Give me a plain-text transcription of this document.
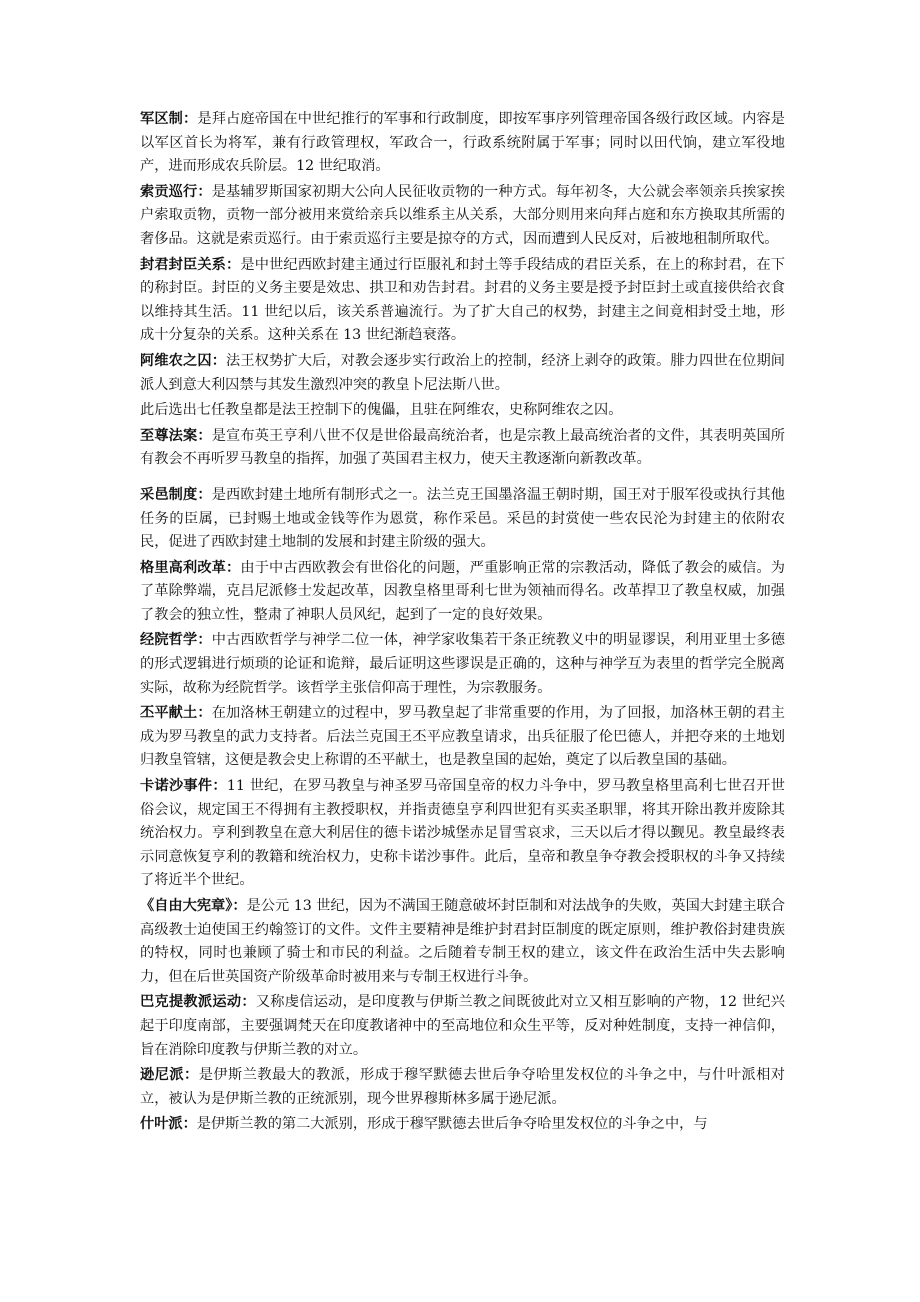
军区制：是拜占庭帝国在中世纪推行的军事和行政制度，即按军事序列管理帝国各级行政区域。内容是以军区首长为将军，兼有行政管理权，军政合一，行政系统附属于军事；同时以田代饷，建立军役地产，进而形成农兵阶层。12 世纪取消。

索贡巡行：是基辅罗斯国家初期大公向人民征收贡物的一种方式。每年初冬，大公就会率领亲兵挨家挨户索取贡物，贡物一部分被用来赏给亲兵以维系主从关系，大部分则用来向拜占庭和东方换取其所需的奢侈品。这就是索贡巡行。由于索贡巡行主要是掠夺的方式，因而遭到人民反对，后被地租制所取代。

封君封臣关系：是中世纪西欧封建主通过行臣服礼和封土等手段结成的君臣关系，在上的称封君，在下的称封臣。封臣的义务主要是效忠、拱卫和劝告封君。封君的义务主要是授予封臣封土或直接供给衣食以维持其生活。11 世纪以后，该关系普遍流行。为了扩大自己的权势，封建主之间竟相封受土地，形成十分复杂的关系。这种关系在 13 世纪渐趋衰落。

阿维农之囚：法王权势扩大后，对教会逐步实行政治上的控制，经济上剥夺的政策。腓力四世在位期间派人到意大利囚禁与其发生激烈冲突的教皇卜尼法斯八世。

此后选出七任教皇都是法王控制下的傀儡，且驻在阿维农，史称阿维农之囚。

至尊法案：是宣布英王亨利八世不仅是世俗最高统治者，也是宗教上最高统治者的文件，其表明英国所有教会不再听罗马教皇的指挥，加强了英国君主权力，使天主教逐渐向新教改革。

采邑制度：是西欧封建土地所有制形式之一。法兰克王国墨洛温王朝时期，国王对于服军役或执行其他任务的臣属，已封赐土地或金钱等作为恩赏，称作采邑。采邑的封赏使一些农民沦为封建主的依附农民，促进了西欧封建土地制的发展和封建主阶级的强大。

格里高利改革：由于中古西欧教会有世俗化的问题，严重影响正常的宗教活动，降低了教会的威信。为了革除弊端，克吕尼派修士发起改革，因教皇格里哥利七世为领袖而得名。改革捍卫了教皇权威，加强了教会的独立性，整肃了神职人员风纪，起到了一定的良好效果。

经院哲学：中古西欧哲学与神学二位一体，神学家收集若干条正统教义中的明显谬误，利用亚里士多德的形式逻辑进行烦琐的论证和诡辩，最后证明这些谬误是正确的，这种与神学互为表里的哲学完全脱离实际，故称为经院哲学。该哲学主张信仰高于理性，为宗教服务。

丕平献土：在加洛林王朝建立的过程中，罗马教皇起了非常重要的作用，为了回报，加洛林王朝的君主成为罗马教皇的武力支持者。后法兰克国王丕平应教皇请求，出兵征服了伦巴德人，并把夺来的土地划归教皇管辖，这便是教会史上称谓的丕平献土，也是教皇国的起始，奠定了以后教皇国的基础。

卡诺沙事件：11 世纪，在罗马教皇与神圣罗马帝国皇帝的权力斗争中，罗马教皇格里高利七世召开世俗会议，规定国王不得拥有主教授职权，并指责德皇亨利四世犯有买卖圣职罪，将其开除出教并废除其统治权力。亨利到教皇在意大利居住的德卡诺沙城堡赤足冒雪哀求，三天以后才得以觐见。教皇最终表示同意恢复亨利的教籍和统治权力，史称卡诺沙事件。此后，皇帝和教皇争夺教会授职权的斗争又持续了将近半个世纪。

《自由大宪章》：是公元 13 世纪，因为不满国王随意破坏封臣制和对法战争的失败，英国大封建主联合高级教士迫使国王约翰签订的文件。文件主要精神是维护封君封臣制度的既定原则，维护教俗封建贵族的特权，同时也兼顾了骑士和市民的利益。之后随着专制王权的建立，该文件在政治生活中失去影响力，但在后世英国资产阶级革命时被用来与专制王权进行斗争。

巴克提教派运动：又称虔信运动，是印度教与伊斯兰教之间既彼此对立又相互影响的产物，12 世纪兴起于印度南部，主要强调梵天在印度教诸神中的至高地位和众生平等，反对种姓制度，支持一神信仰，旨在消除印度教与伊斯兰教的对立。

逊尼派：是伊斯兰教最大的教派，形成于穆罕默德去世后争夺哈里发权位的斗争之中，与什叶派相对立，被认为是伊斯兰教的正统派别，现今世界穆斯林多属于逊尼派。

什叶派：是伊斯兰教的第二大派别，形成于穆罕默德去世后争夺哈里发权位的斗争之中，与
